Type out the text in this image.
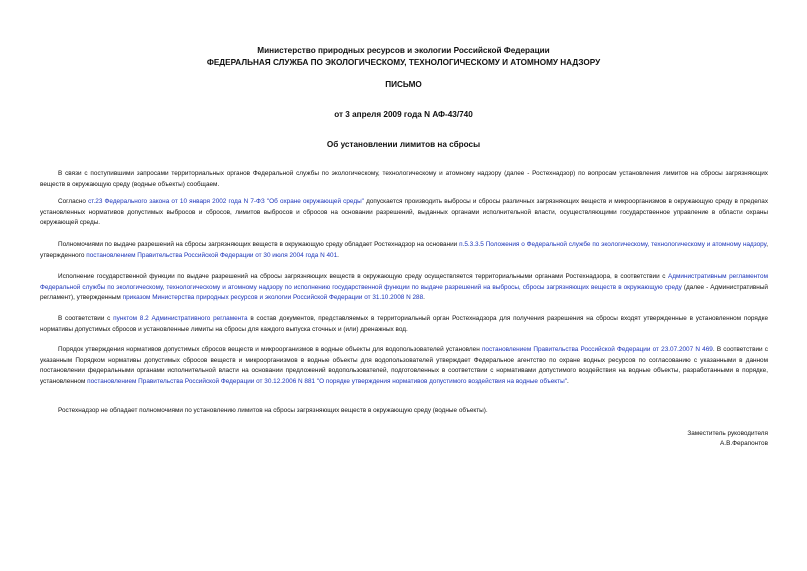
Министерство природных ресурсов и экологии Российской Федерации
ФЕДЕРАЛЬНАЯ СЛУЖБА ПО ЭКОЛОГИЧЕСКОМУ, ТЕХНОЛОГИЧЕСКОМУ И АТОМНОМУ НАДЗОРУ
ПИСЬМО
от 3 апреля 2009 года N АФ-43/740
Об установлении лимитов на сбросы
В связи с поступившими запросами территориальных органов Федеральной службы по экологическому, технологическому и атомному надзору (далее - Ростехнадзор) по вопросам установления лимитов на сбросы загрязняющих веществ в окружающую среду (водные объекты) сообщаем.
Согласно ст.23 Федерального закона от 10 января 2002 года N 7-ФЗ "Об охране окружающей среды" допускается производить выбросы и сбросы различных загрязняющих веществ и микроорганизмов в окружающую среду в пределах установленных нормативов допустимых выбросов и сбросов, лимитов выбросов и сбросов на основании разрешений, выданных органами исполнительной власти, осуществляющими государственное управление в области охраны окружающей среды.
Полномочиями по выдаче разрешений на сбросы загрязняющих веществ в окружающую среду обладает Ростехнадзор на основании п.5.3.3.5 Положения о Федеральной службе по экологическому, технологическому и атомному надзору, утвержденного постановлением Правительства Российской Федерации от 30 июля 2004 года N 401.
Исполнение государственной функции по выдаче разрешений на сбросы загрязняющих веществ в окружающую среду осуществляется территориальными органами Ростехнадзора, в соответствии с Административным регламентом Федеральной службы по экологическому, технологическому и атомному надзору по исполнению государственной функции по выдаче разрешений на выбросы, сбросы загрязняющих веществ в окружающую среду (далее - Административный регламент), утвержденным приказом Министерства природных ресурсов и экологии Российской Федерации от 31.10.2008 N 288.
В соответствии с пунктом 8.2 Административного регламента в состав документов, представляемых в территориальный орган Ростехнадзора для получения разрешения на сбросы входят утвержденные в установленном порядке нормативы допустимых сбросов и установленные лимиты на сбросы для каждого выпуска сточных и (или) дренажных вод.
Порядок утверждения нормативов допустимых сбросов веществ и микроорганизмов в водные объекты для водопользователей установлен постановлением Правительства Российской Федерации от 23.07.2007 N 469. В соответствии с указанным Порядком нормативы допустимых сбросов веществ и микроорганизмов в водные объекты для водопользователей утверждает Федеральное агентство по охране водных ресурсов по согласованию с указанными в данном постановлении федеральными органами исполнительной власти на основании предложений водопользователей, подготовленных в соответствии с нормативами допустимого воздействия на водные объекты, разработанными в порядке, установленном постановлением Правительства Российской Федерации от 30.12.2006 N 881 "О порядке утверждения нормативов допустимого воздействия на водные объекты".
Ростехнадзор не обладает полномочиями по установлению лимитов на сбросы загрязняющих веществ в окружающую среду (водные объекты).
Заместитель руководителя
А.В.Ферапонтов
